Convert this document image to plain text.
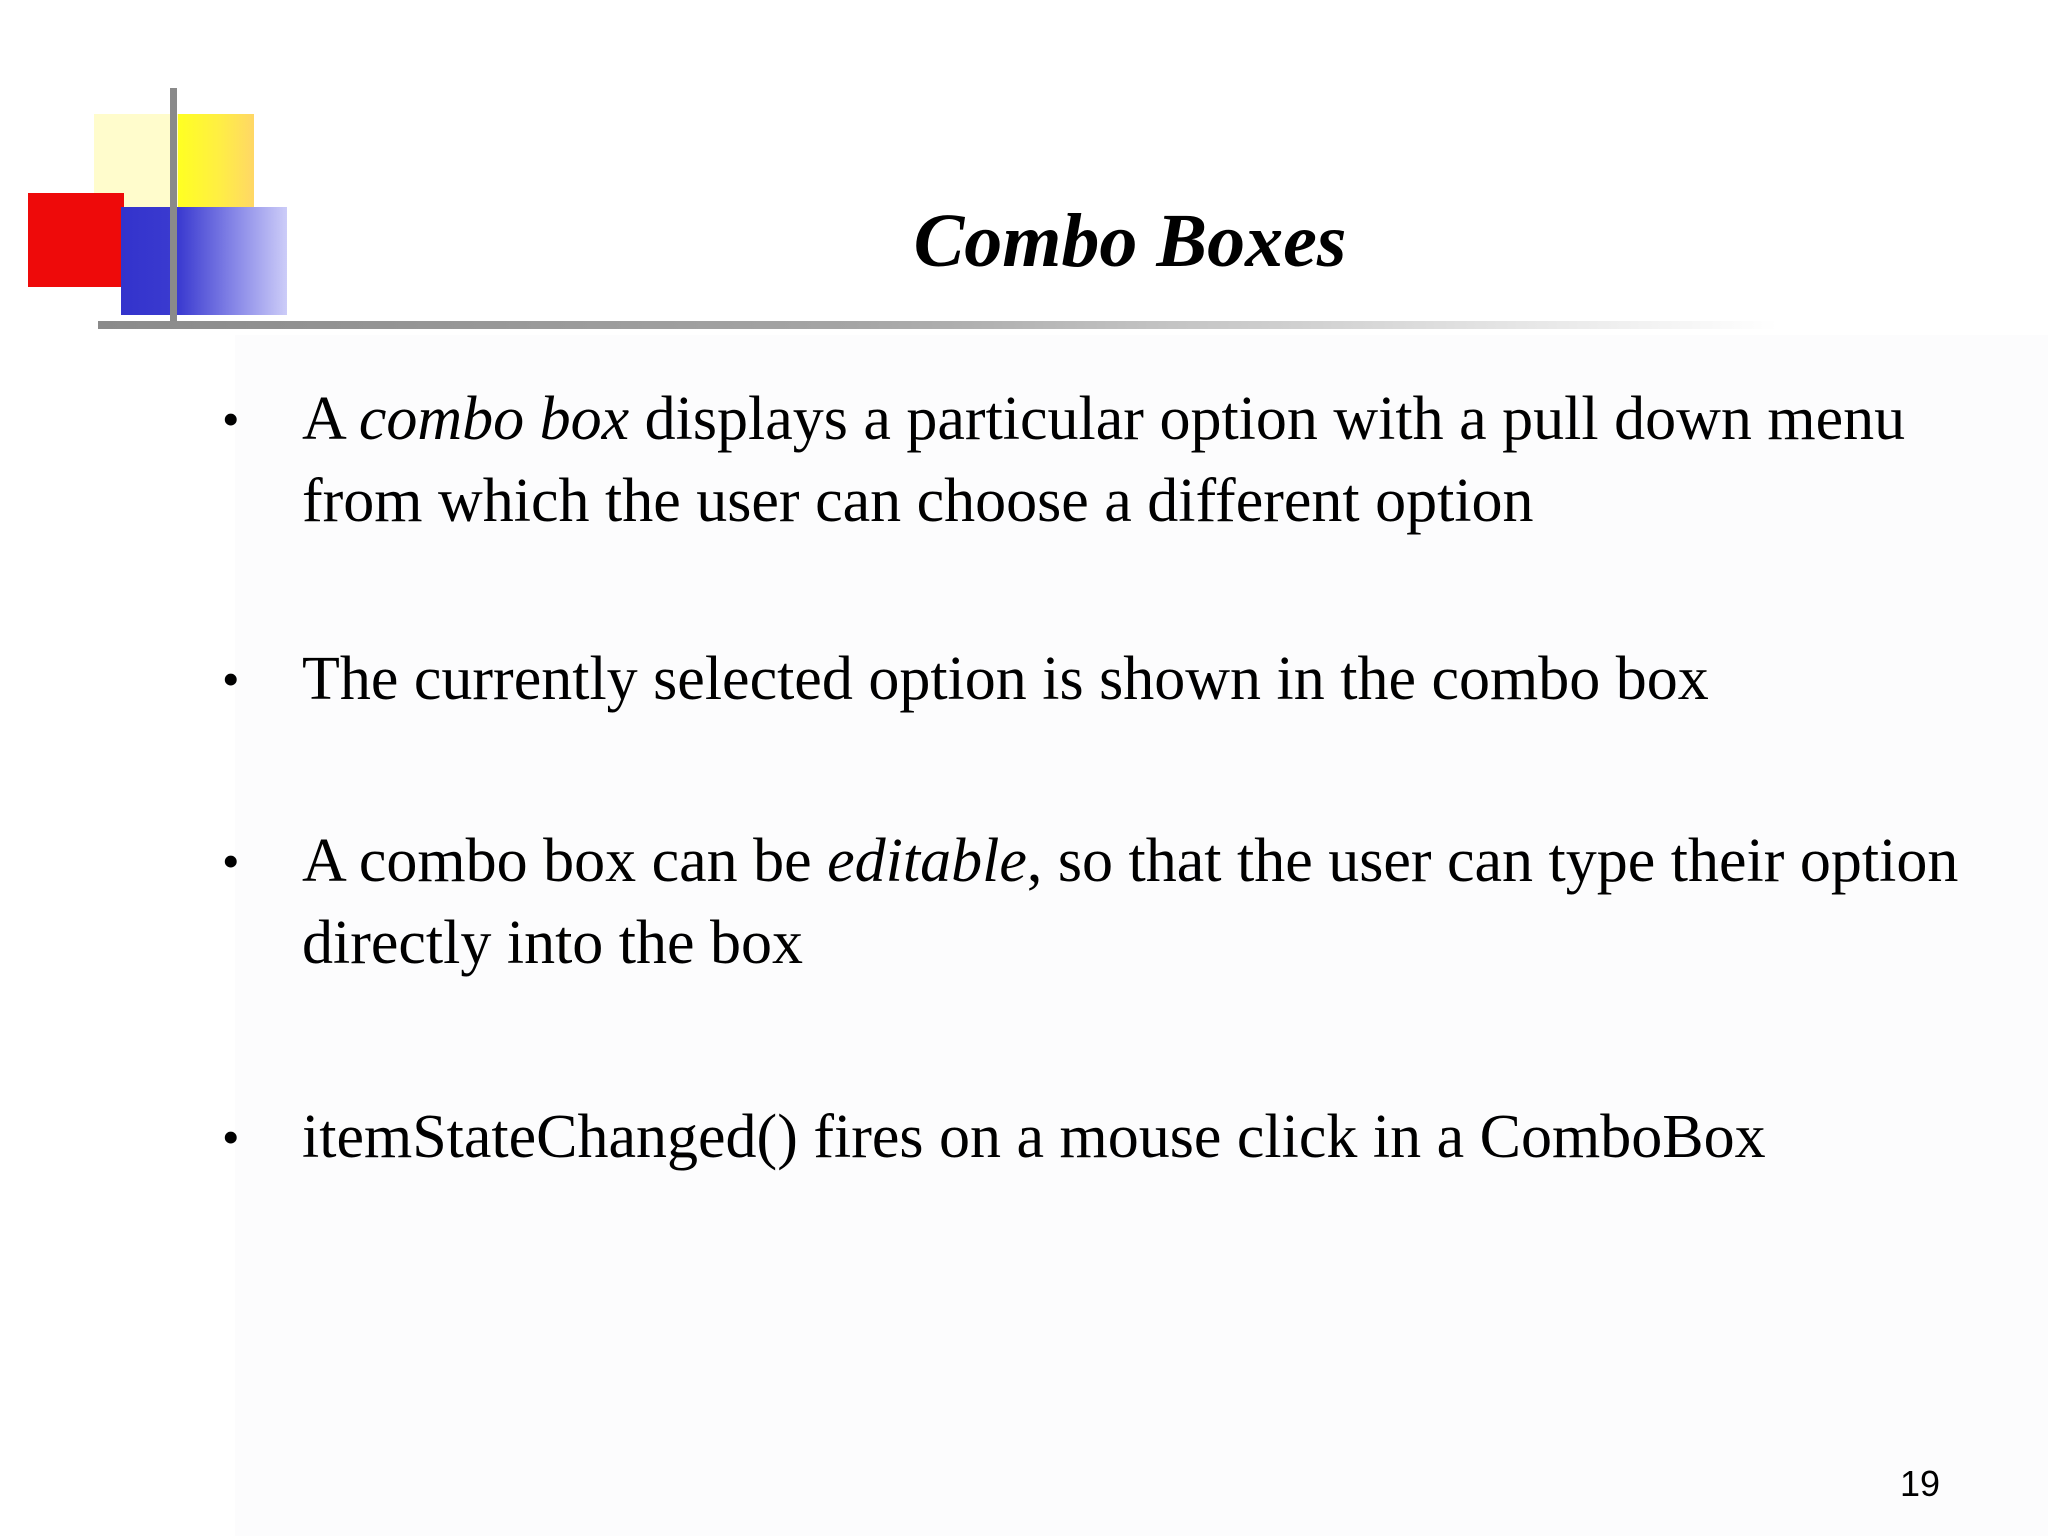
Combo Boxes
•	A combo box displays a particular option with a pull down menu from which the user can choose a different option
•	The currently selected option is shown in the combo box
•	A combo box can be editable, so that the user can type their option directly into the box
•	itemStateChanged() fires on a mouse click in a ComboBox
19
